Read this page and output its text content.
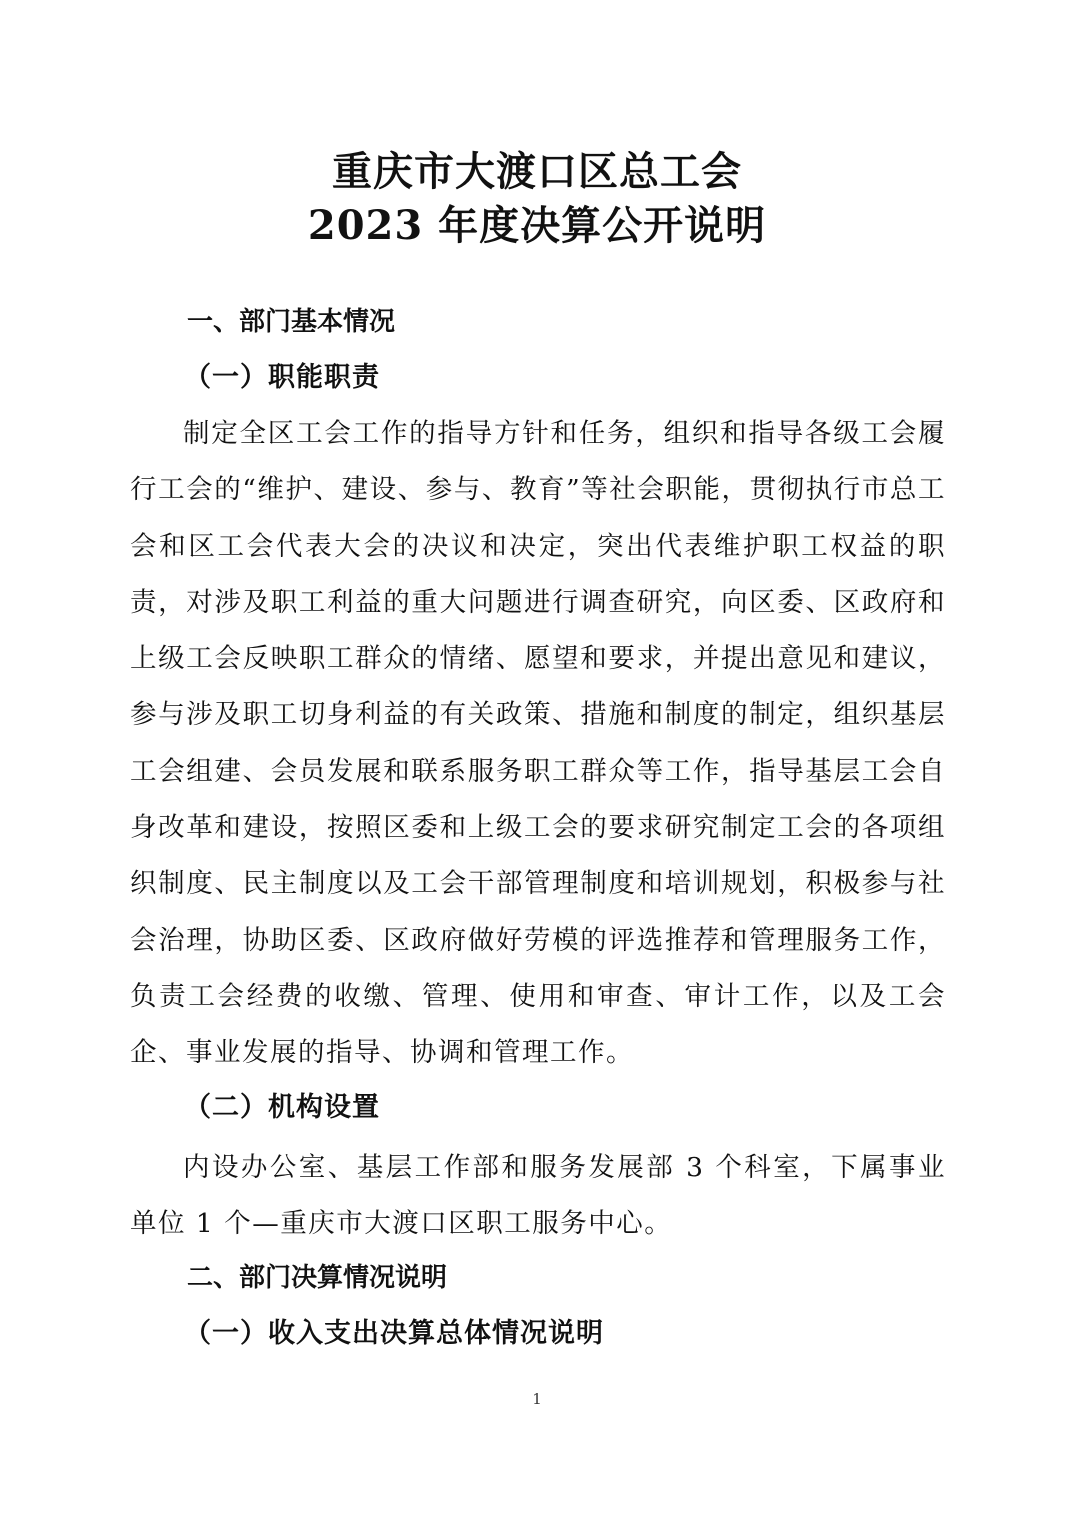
重庆市大渡口区总工会
2023 年度决算公开说明
一、部门基本情况
（一）职能职责

制定全区工会工作的指导方针和任务，组织和指导各级工会履行工会的“维护、建设、参与、教育”等社会职能，贯彻执行市总工会和区工会代表大会的决议和决定，突出代表维护职工权益的职责，对涉及职工利益的重大问题进行调查研究，向区委、区政府和上级工会反映职工群众的情绪、愿望和要求，并提出意见和建议，参与涉及职工切身利益的有关政策、措施和制度的制定，组织基层工会组建、会员发展和联系服务职工群众等工作，指导基层工会自身改革和建设，按照区委和上级工会的要求研究制定工会的各项组织制度、民主制度以及工会干部管理制度和培训规划，积极参与社会治理，协助区委、区政府做好劳模的评选推荐和管理服务工作，负责工会经费的收缴、管理、使用和审查、审计工作，以及工会企、事业发展的指导、协调和管理工作。

（二）机构设置

内设办公室、基层工作部和服务发展部 3 个科室，下属事业单位 1 个—重庆市大渡口区职工服务中心。

二、部门决算情况说明
（一）收入支出决算总体情况说明
1
